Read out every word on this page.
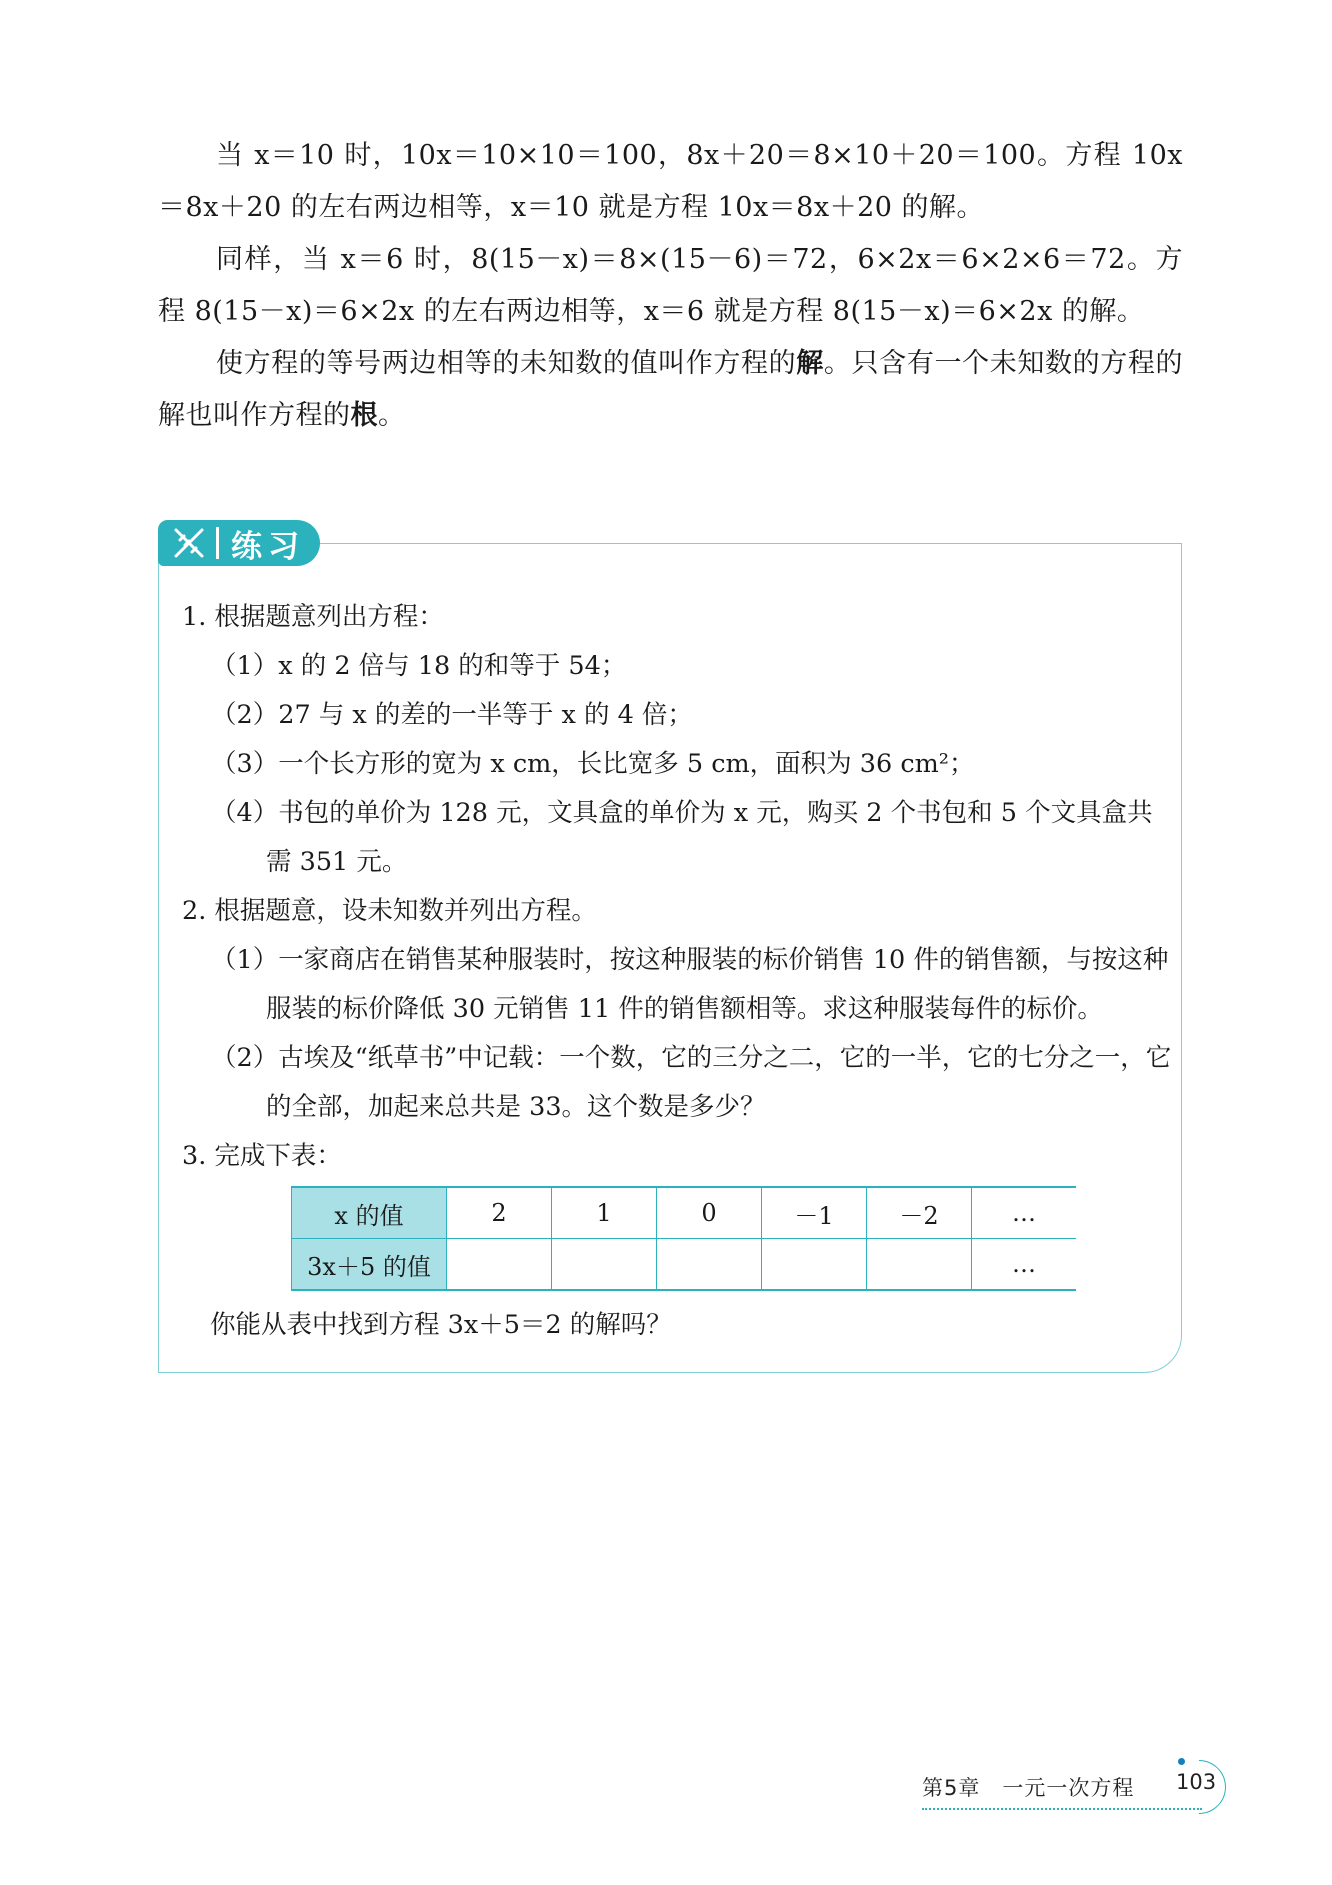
当 x＝10 时，10x＝10×10＝100，8x＋20＝8×10＋20＝100。方程 10x＝8x＋20 的左右两边相等，x＝10 就是方程 10x＝8x＋20 的解。

同样，当 x＝6 时，8(15－x)＝8×(15－6)＝72，6×2x＝6×2×6＝72。方程 8(15－x)＝6×2x 的左右两边相等，x＝6 就是方程 8(15－x)＝6×2x 的解。

使方程的等号两边相等的未知数的值叫作方程的解。只含有一个未知数的方程的解也叫作方程的根。

练习

1. 根据题意列出方程：

（1）x 的 2 倍与 18 的和等于 54；

（2）27 与 x 的差的一半等于 x 的 4 倍；

（3）一个长方形的宽为 x cm，长比宽多 5 cm，面积为 36 cm²；

（4）书包的单价为 128 元，文具盒的单价为 x 元，购买 2 个书包和 5 个文具盒共需 351 元。

2. 根据题意，设未知数并列出方程。

（1）一家商店在销售某种服装时，按这种服装的标价销售 10 件的销售额，与按这种服装的标价降低 30 元销售 11 件的销售额相等。求这种服装每件的标价。

（2）古埃及“纸草书”中记载：一个数，它的三分之二，它的一半，它的七分之一，它的全部，加起来总共是 33。这个数是多少？

3. 完成下表：

x 的值	2	1	0	－1	－2	…
3x＋5 的值						…
你能从表中找到方程 3x＋5＝2 的解吗？
第5章　一元一次方程 103
